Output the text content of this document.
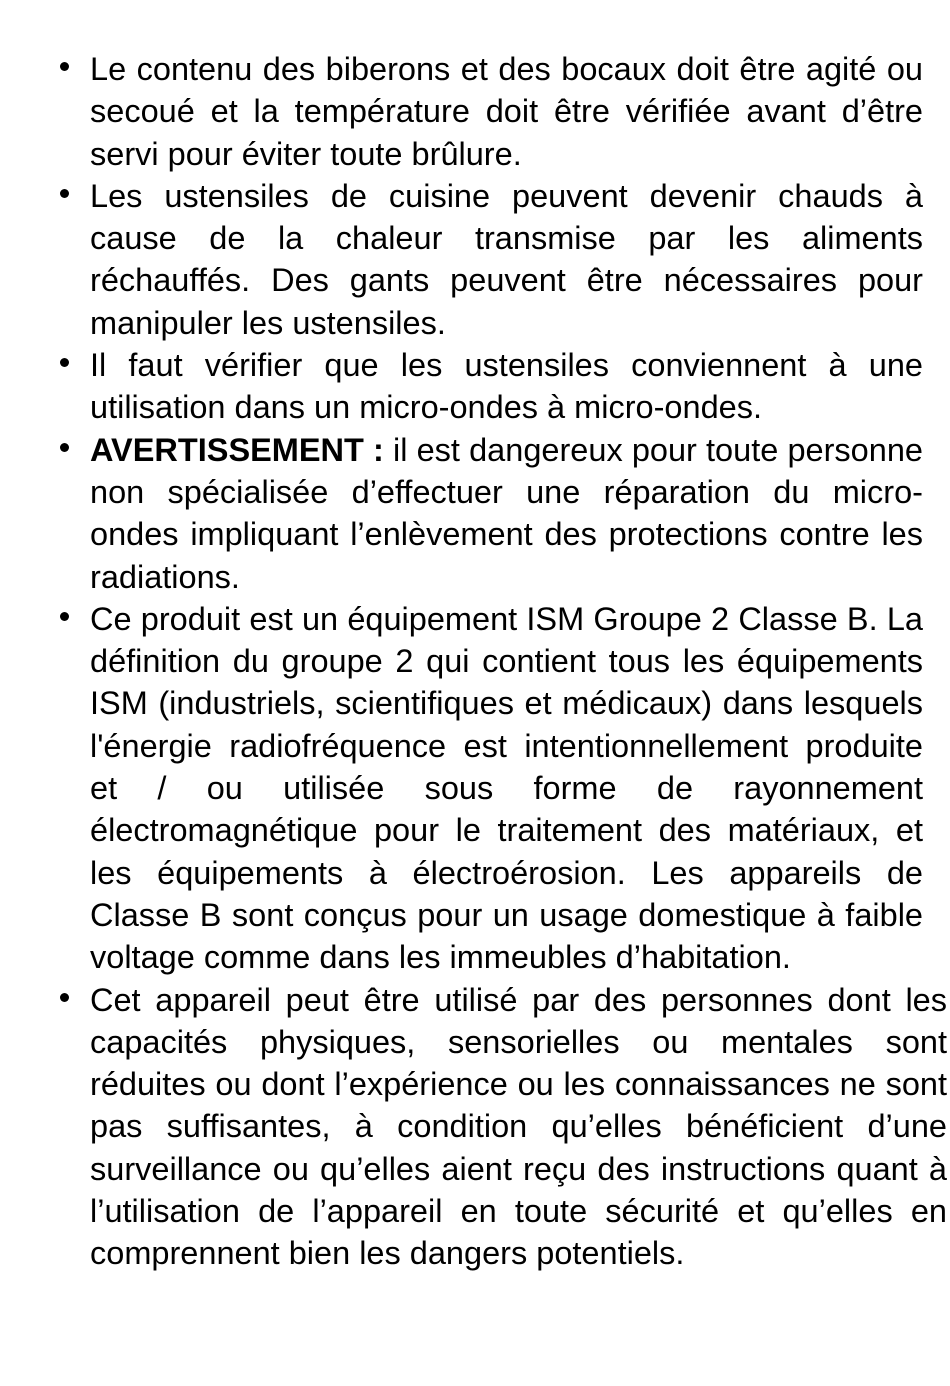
Le contenu des biberons et des bocaux doit être agité ou secoué et la température doit être vérifiée avant d’être servi pour éviter toute brûlure.
Les ustensiles de cuisine peuvent devenir chauds à cause de la chaleur transmise par les aliments réchauffés. Des gants peuvent être nécessaires pour manipuler les ustensiles.
Il faut vérifier que les ustensiles conviennent à une utilisation dans un micro-ondes à micro-ondes.
AVERTISSEMENT : il est dangereux pour toute personne non spécialisée d’effectuer une réparation du micro-ondes impliquant l’enlèvement des protections contre les radiations.
Ce produit est un équipement ISM Groupe 2 Classe B. La définition du groupe 2 qui contient tous les équipements ISM (industriels, scientifiques et médicaux) dans lesquels l'énergie radiofréquence est intentionnellement produite et / ou utilisée sous forme de rayonnement électromagnétique pour le traitement des matériaux, et les équipements à électroérosion. Les appareils de Classe B sont conçus pour un usage domestique à faible voltage comme dans les immeubles d’habitation.
Cet appareil peut être utilisé par des personnes dont les capacités physiques, sensorielles ou mentales sont réduites ou dont l’expérience ou les connaissances ne sont pas suffisantes, à condition qu’elles bénéficient d’une surveillance ou qu’elles aient reçu des instructions quant à l’utilisation de l’appareil en toute sécurité et qu’elles en comprennent bien les dangers potentiels.
